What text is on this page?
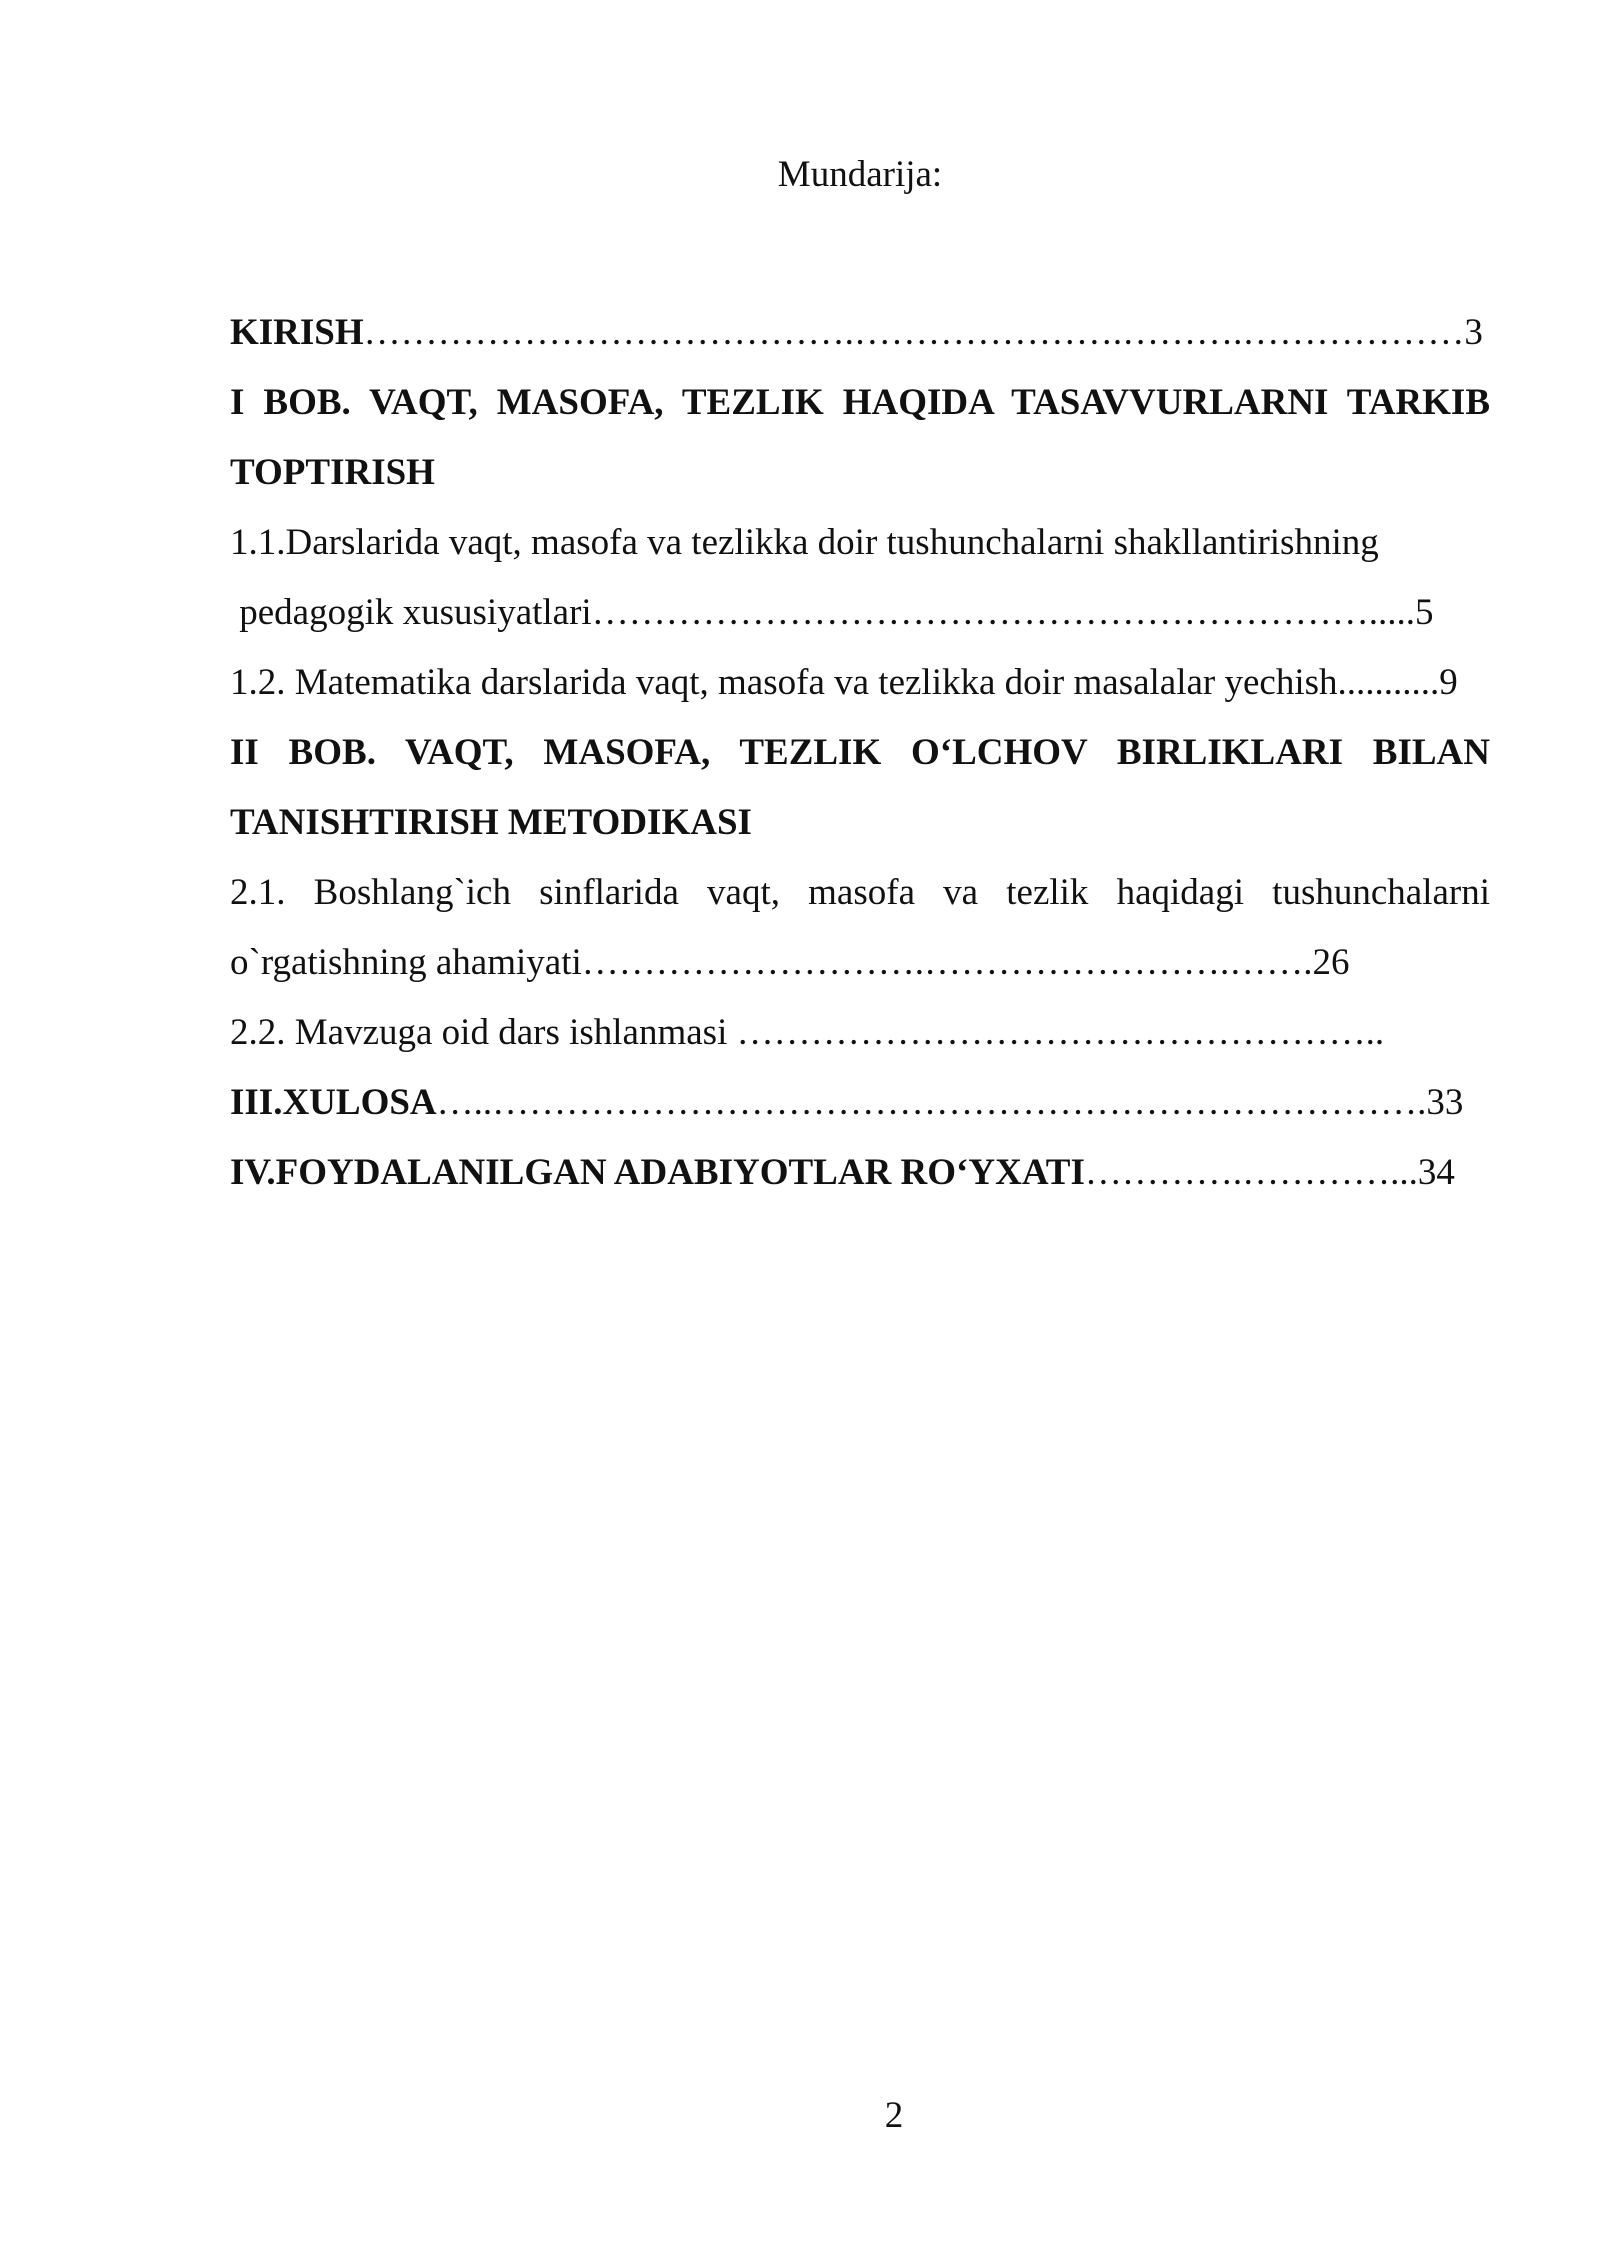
Mundarija:
KIRISH………………………………….………………….……….………………3
I BOB. VAQT, MASOFA, TEZLIK HAQIDA TASAVVURLARNI TARKIB
TOPTIRISH
1.1.Darslarida vaqt, masofa va tezlikka doir tushunchalarni shakllantirishning
pedagogik xususiyatlari……………………………………………………….....5
1.2. Matematika darslarida vaqt, masofa va tezlikka doir masalalar yechish...........9
II BOB. VAQT, MASOFA, TEZLIK O‘LCHOV BIRLIKLARI BILAN
TANISHTIRISH METODIKASI
2.1. Boshlang`ich sinflarida vaqt, masofa va tezlik haqidagi tushunchalarni
o`rgatishning ahamiyati……………………….…………………….…….26
2.2. Mavzuga oid dars ishlanmasi ……………………………………………..
III.XULOSA…..………………………………………………………………….33
IV.FOYDALANILGAN ADABIYOTLAR RO‘YXATI………….…………...34
2
